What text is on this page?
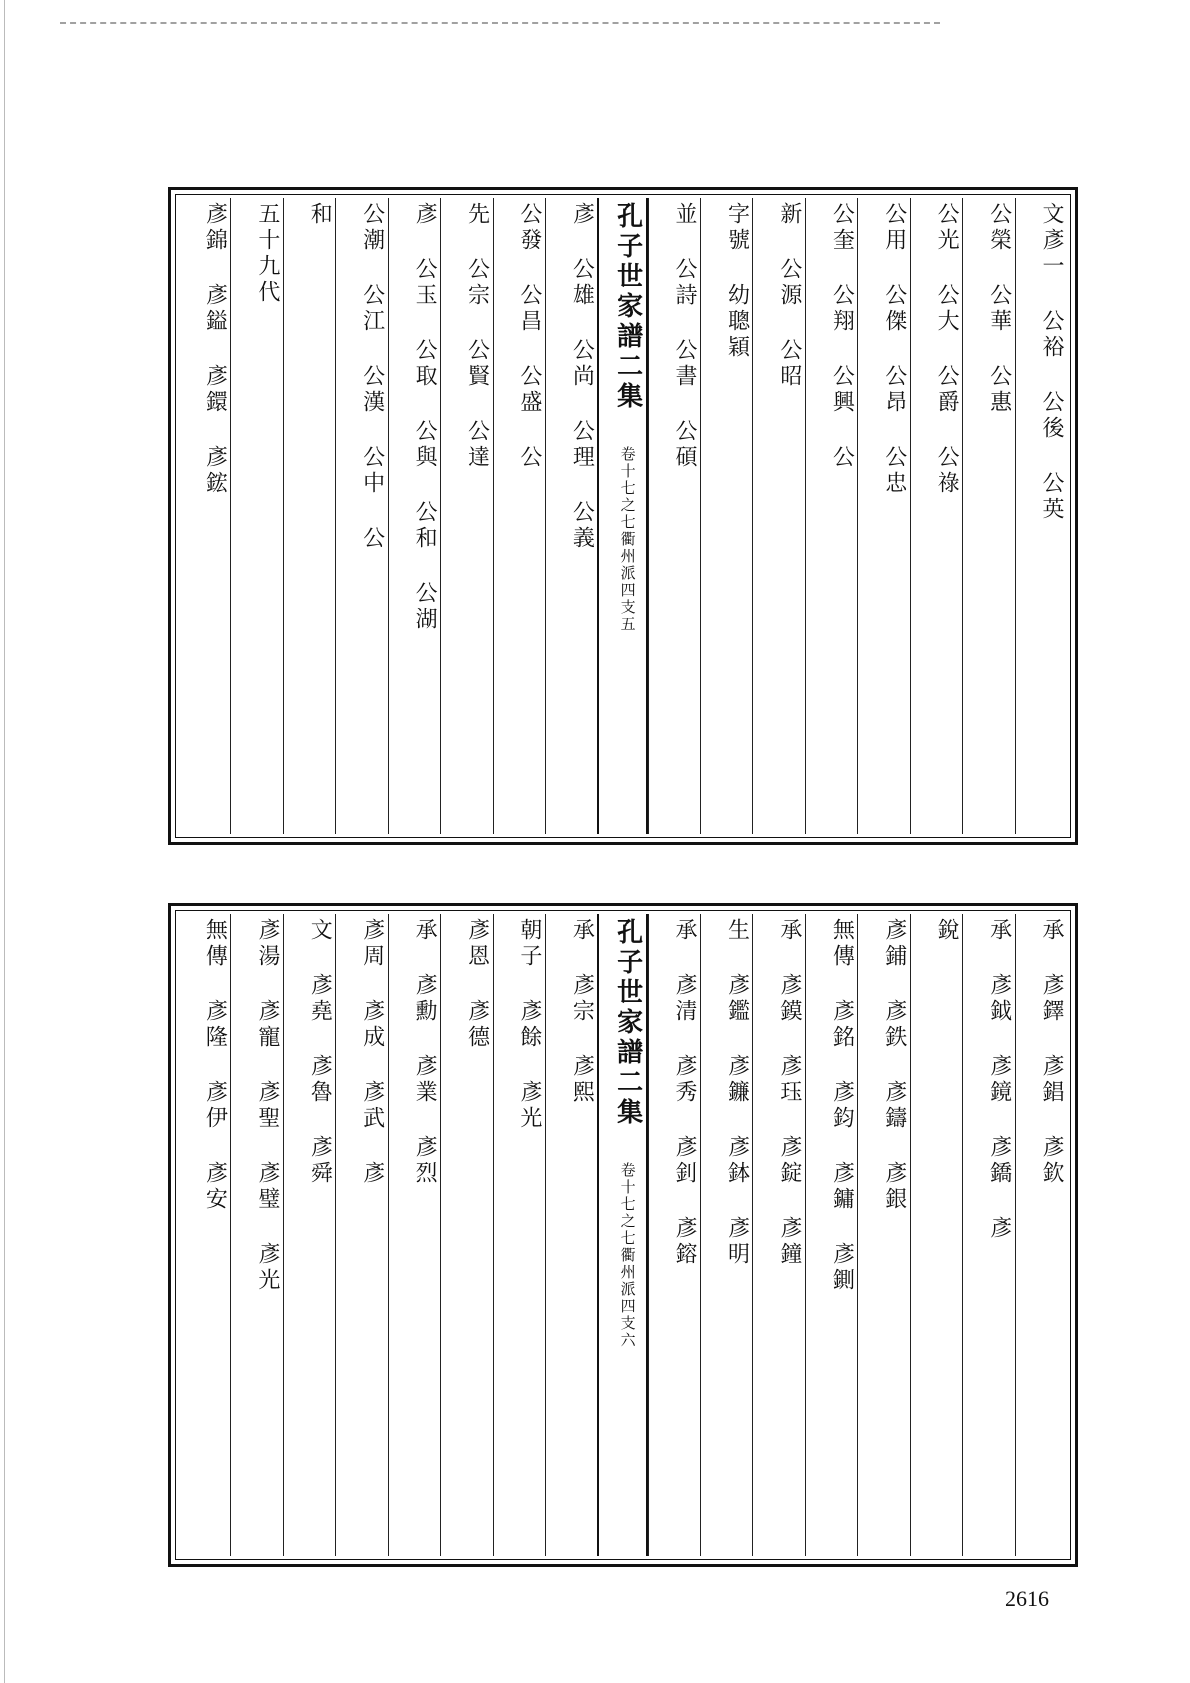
文彥一 公裕 公後 公英
公榮 公華 公惠
公光 公大 公爵 公祿
公用 公傑 公昂 公忠
公奎 公翔 公興 公
新 公源 公昭
字號 幼聰穎
並 公詩 公書 公碩
孔子世家譜二集 卷十七之七衢州派四支五
彥 公雄 公尚 公理 公義
公發 公昌 公盛 公
先 公宗 公賢 公達
彥 公玉 公取 公與 公和 公湖
公潮 公江 公漢 公中 公
和
五十九代
彥錦 彥鎰 彥鐶 彥鋐
承 彥鐸 彥錩 彥欽
承 彥鉞 彥鏡 彥鐈 彥
銳
彥鋪 彥鉄 彥鑄 彥銀
無傳 彥銘 彥鈞 彥鏞 彥鍘
承 彥鏌 彥珏 彥錠 彥鐘
生 彥鑑 彥鐮 彥鉢 彥明
承 彥清 彥秀 彥釗 彥鎔
孔子世家譜二集 卷十七之七衢州派四支六
承 彥宗 彥熙
朝子 彥餘 彥光
彥恩 彥德
承 彥勳 彥業 彥烈
彥周 彥成 彥武 彥
文 彥堯 彥魯 彥舜
彥湯 彥寵 彥聖 彥璧 彥光
無傳 彥隆 彥伊 彥安
2616
